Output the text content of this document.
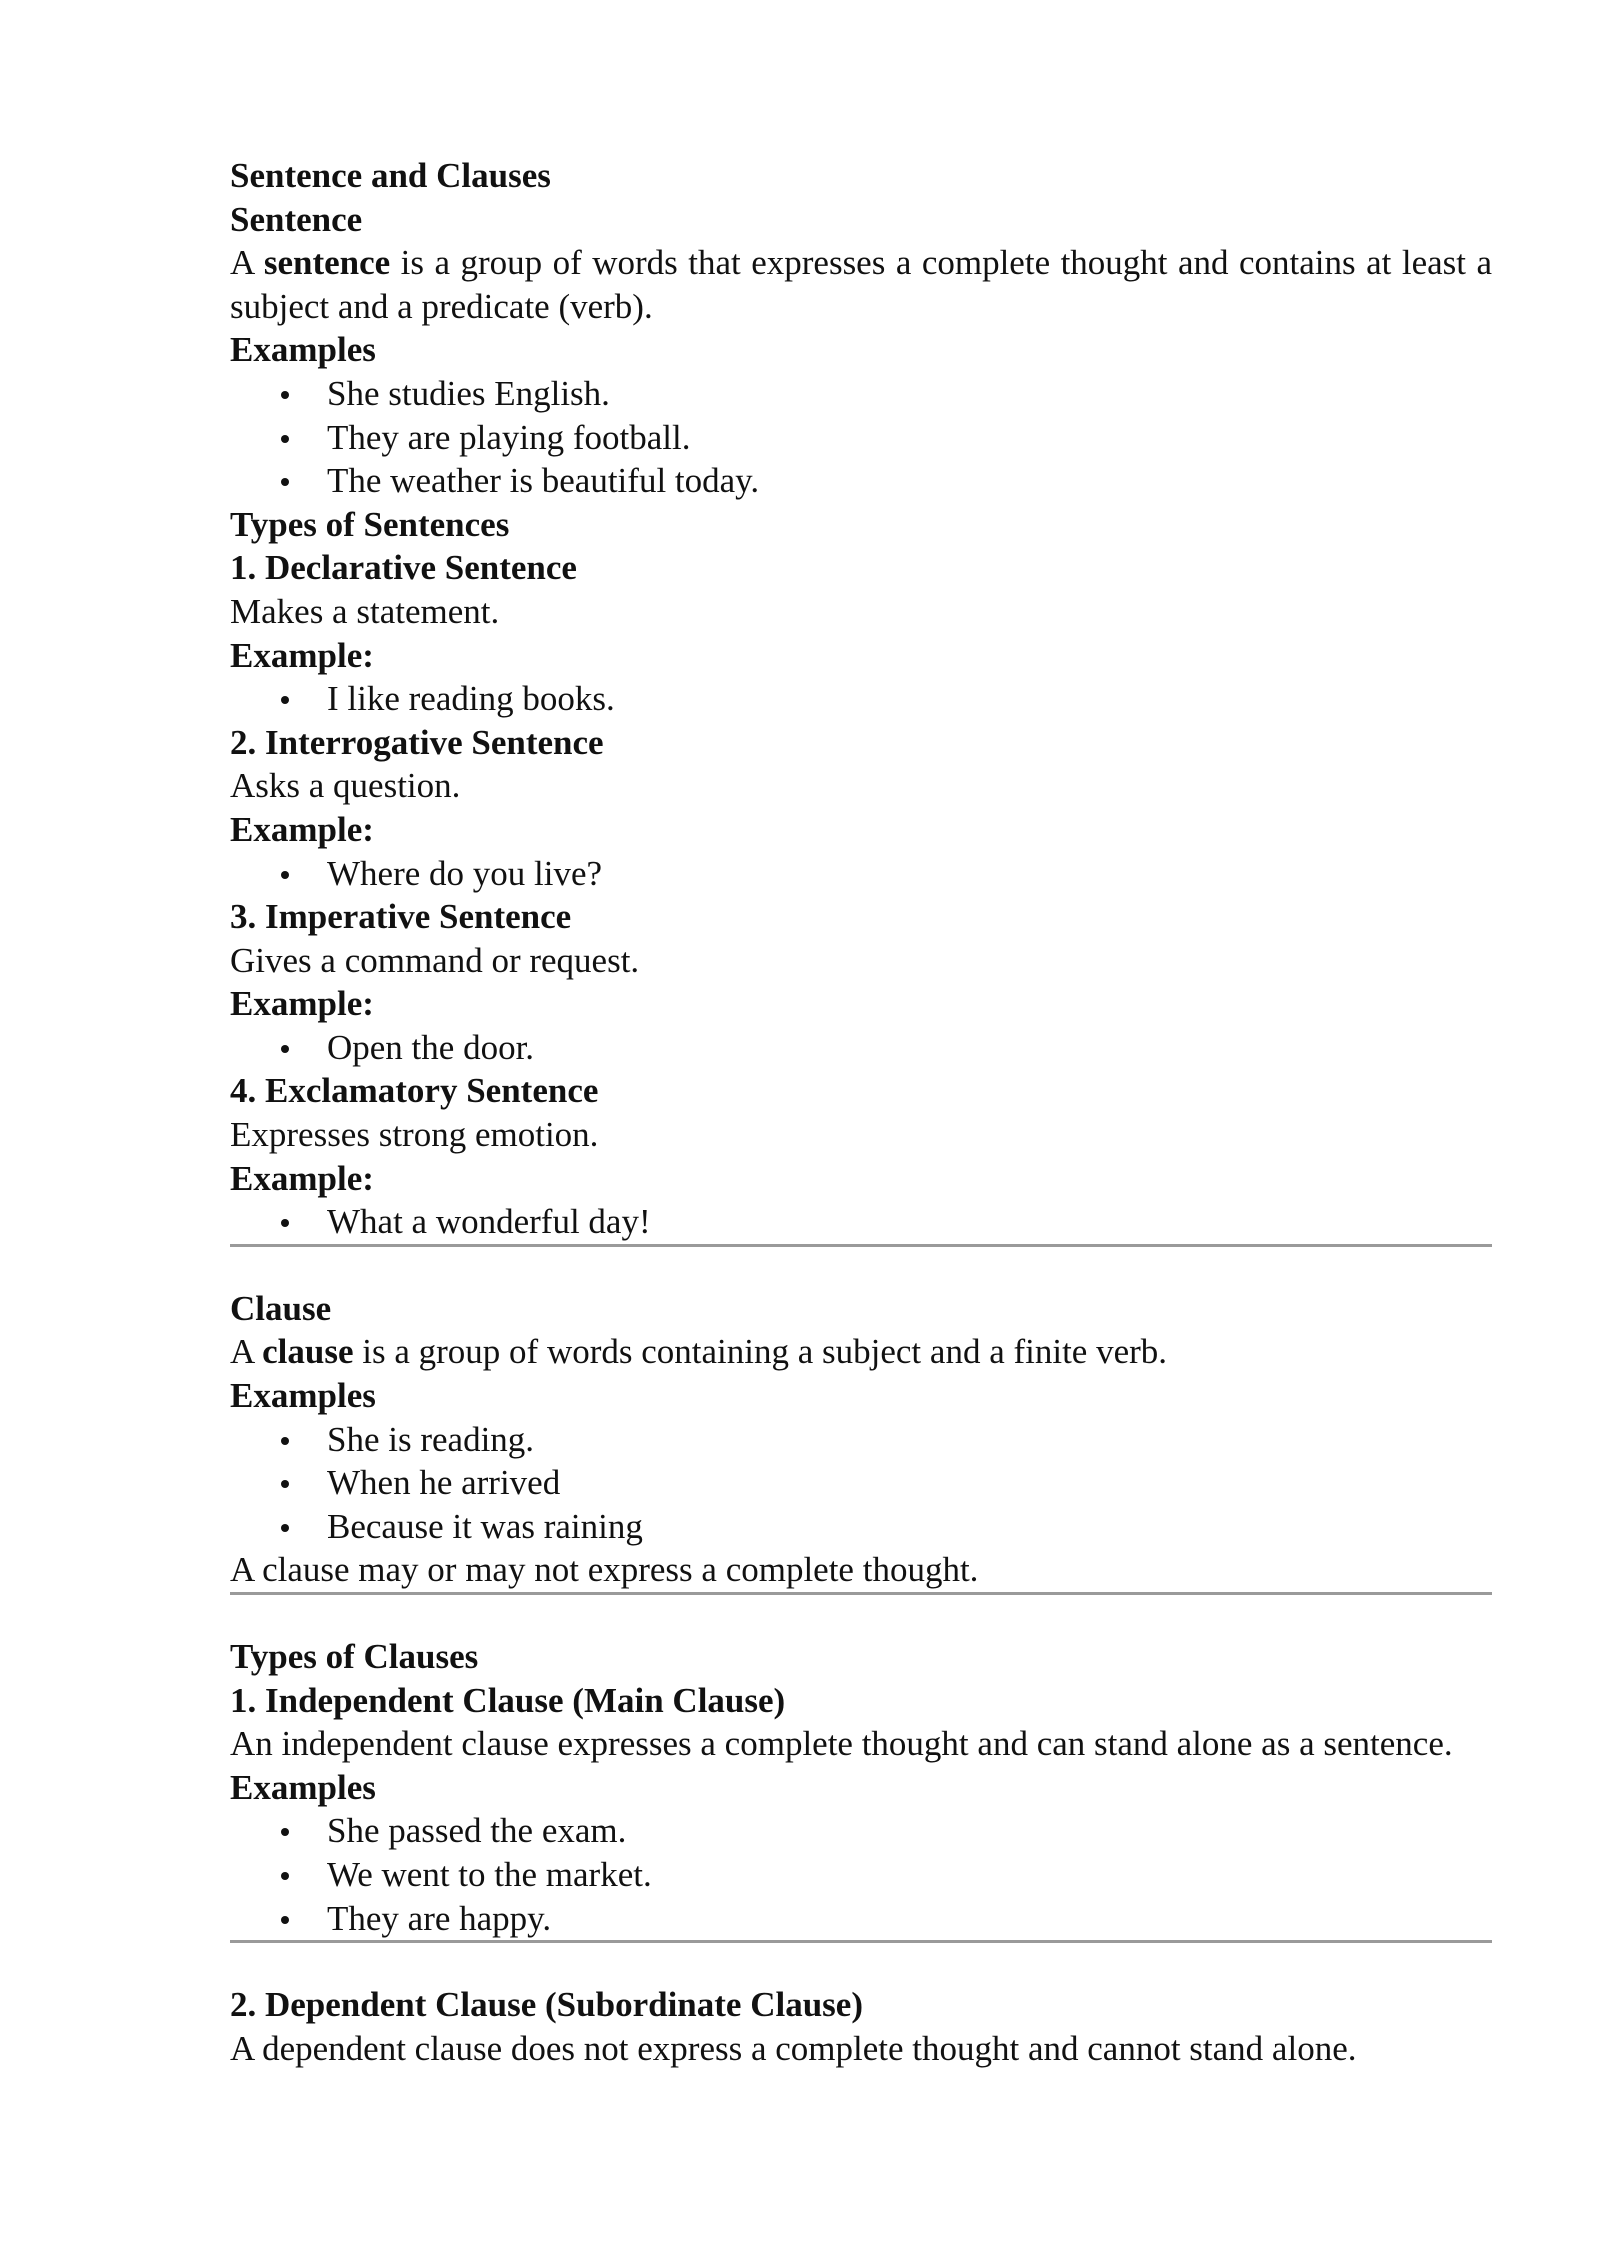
Sentence and Clauses
Sentence

A sentence is a group of words that expresses a complete thought and contains at least a subject and a predicate (verb).

Examples
She studies English.
They are playing football.
The weather is beautiful today.
Types of Sentences
1. Declarative Sentence
Makes a statement.
Example:
I like reading books.
2. Interrogative Sentence
Asks a question.
Example:
Where do you live?
3. Imperative Sentence
Gives a command or request.
Example:
Open the door.
4. Exclamatory Sentence
Expresses strong emotion.
Example:
What a wonderful day!
Clause

A clause is a group of words containing a subject and a finite verb.

Examples
She is reading.
When he arrived
Because it was raining
A clause may or may not express a complete thought.
Types of Clauses
1. Independent Clause (Main Clause)

An independent clause expresses a complete thought and can stand alone as a sentence.

Examples
She passed the exam.
We went to the market.
They are happy.
2. Dependent Clause (Subordinate Clause)

A dependent clause does not express a complete thought and cannot stand alone.
